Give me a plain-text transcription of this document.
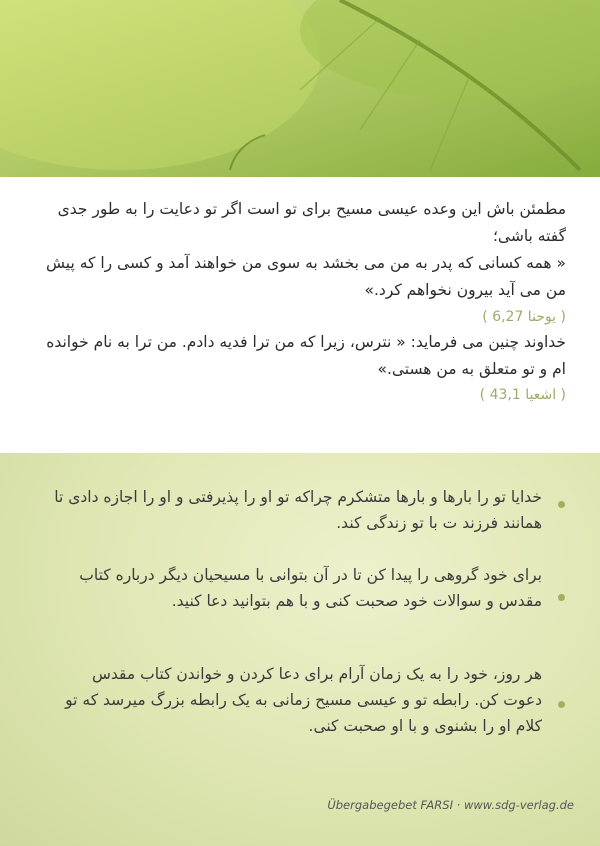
مطمئن باش این وعده عیسی مسیح برای تو است اگر تو دعایت را به طور جدی گفته باشی؛
« همه کسانی که پدر به من می بخشد به سوی من خواهند آمد و کسی را که پیش من می آید بیرون نخواهم کرد.»
( یوحنا 6,27 )
خداوند چنین می فرماید: « نترس، زیرا که من ترا فدیه دادم. من ترا به نام خوانده ام و تو متعلق به من هستی.»
( اشعیا 43,1 )
خدایا تو را بارها و بارها متشکرم چراکه تو او را پذیرفتی و او را اجازه دادی تا همانند فرزند ت با تو زندگی کند.
برای خود گروهی را پیدا کن تا در آن بتوانی با مسیحیان دیگر درباره کتاب مقدس و سوالات خود صحبت کنی و با هم بتوانید دعا کنید.
هر روز، خود را به یک زمان آرام برای دعا کردن و خواندن کتاب مقدس دعوت کن. رابطه تو و عیسی مسیح زمانی به یک رابطه بزرگ میرسد که تو کلام او را بشنوی و با او صحبت کنی.
Übergabegebet FARSI · www.sdg-verlag.de
